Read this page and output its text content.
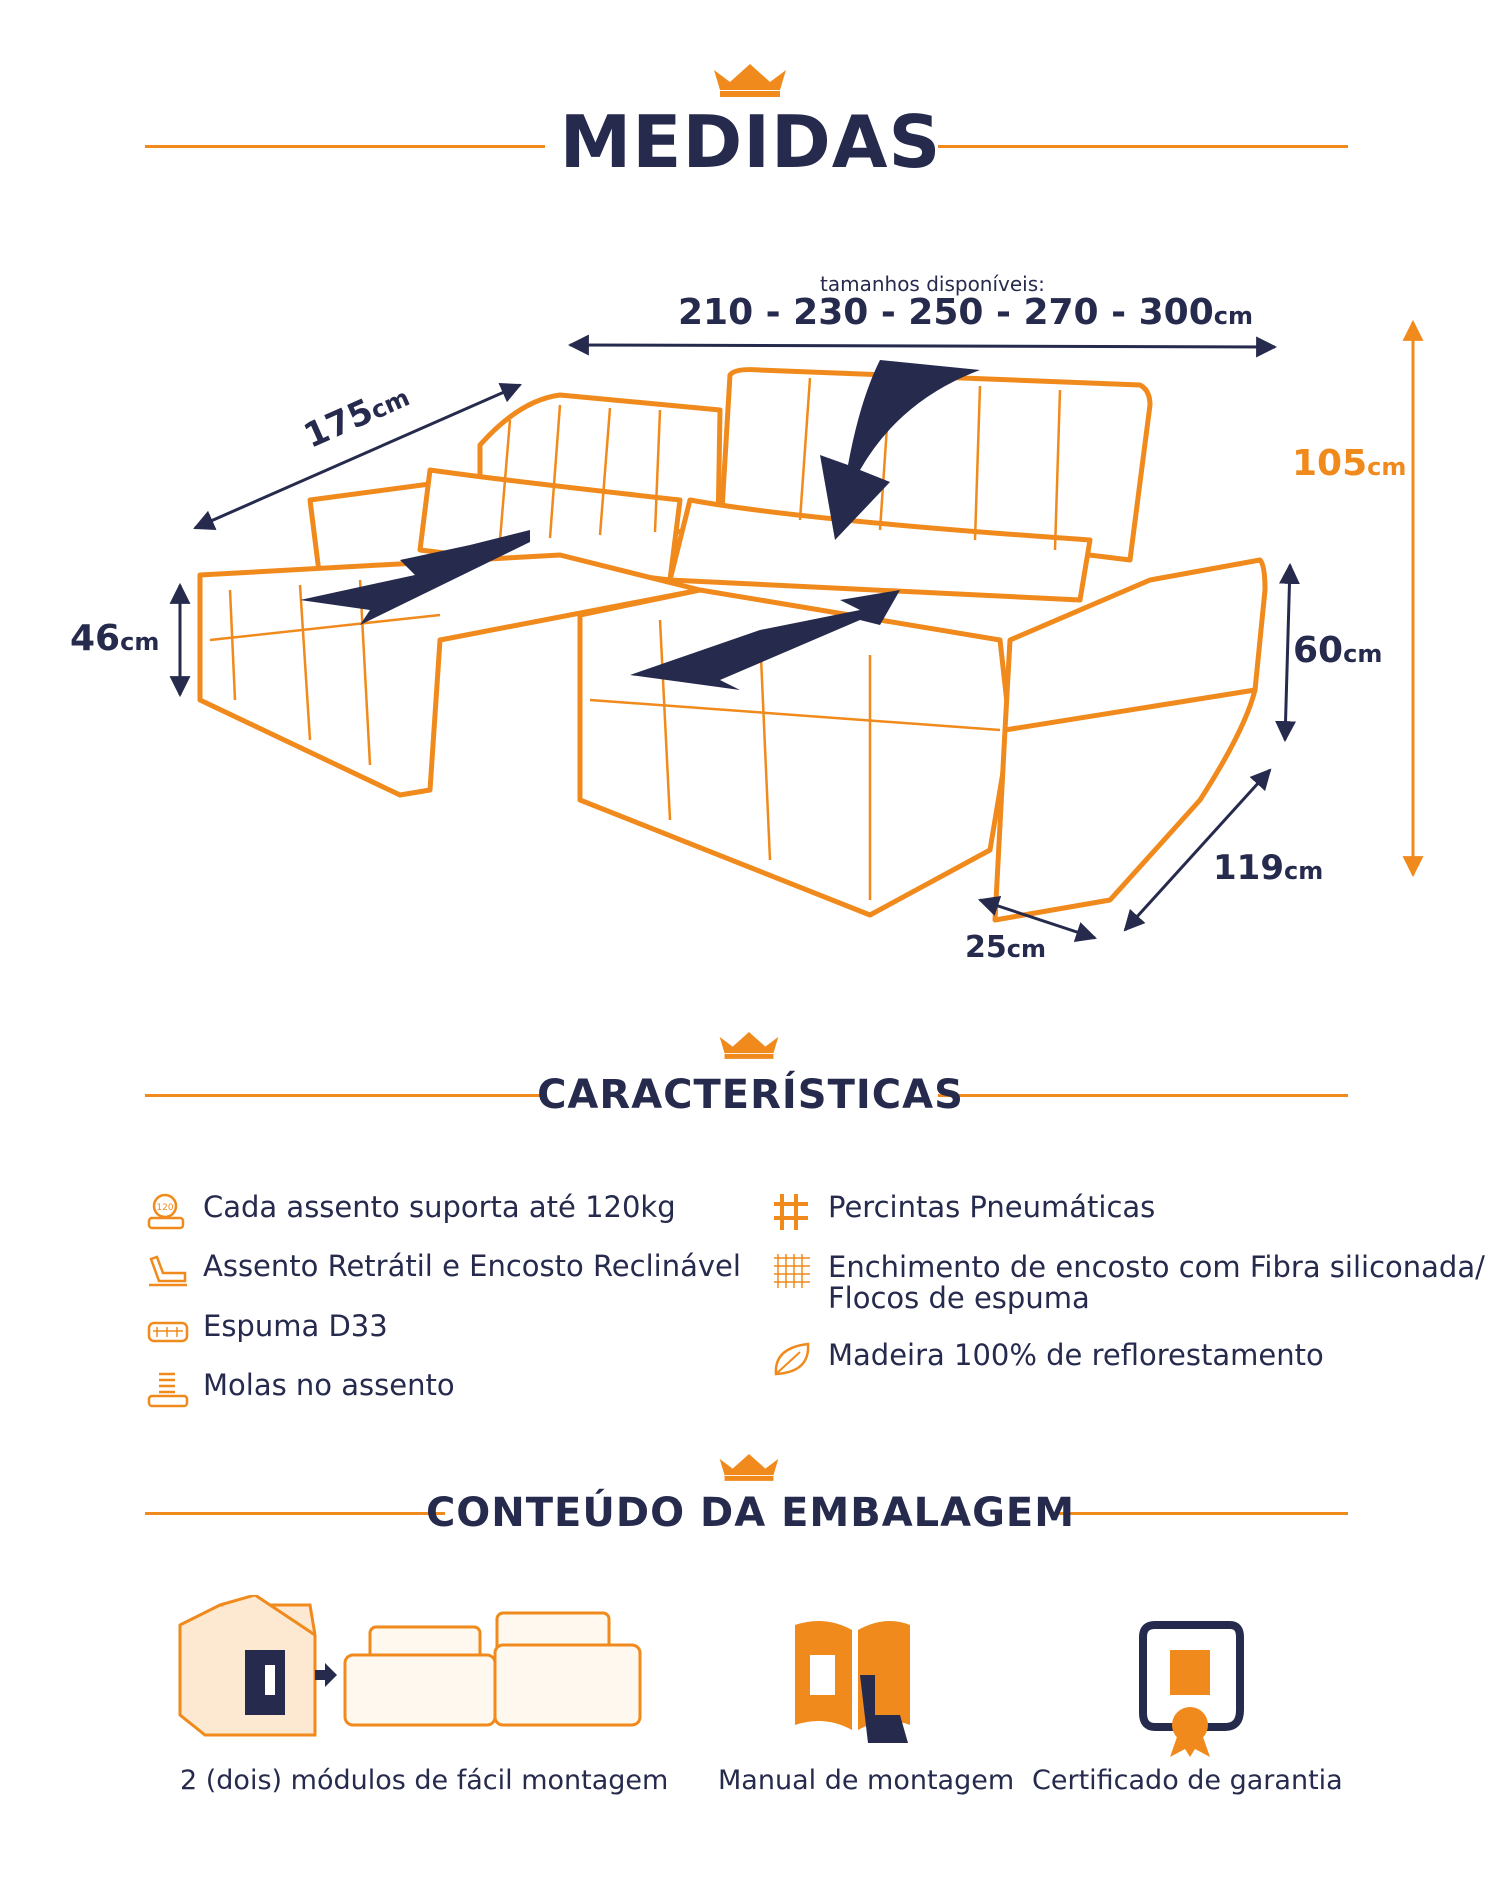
MEDIDAS
tamanhos disponíveis:
210 - 230 - 250 - 270 - 300cm
175cm
46cm
105cm
60cm
119cm
25cm
CARACTERÍSTICAS
120 Cada assento suporta até 120kg
Assento Retrátil e Encosto Reclinável
Espuma D33
Molas no assento
Percintas Pneumáticas
Enchimento de encosto com Fibra siliconada/
Flocos de espuma
Madeira 100% de reflorestamento
CONTEÚDO DA EMBALAGEM
2 (dois) módulos de fácil montagem Manual de montagem Certificado de garantia
